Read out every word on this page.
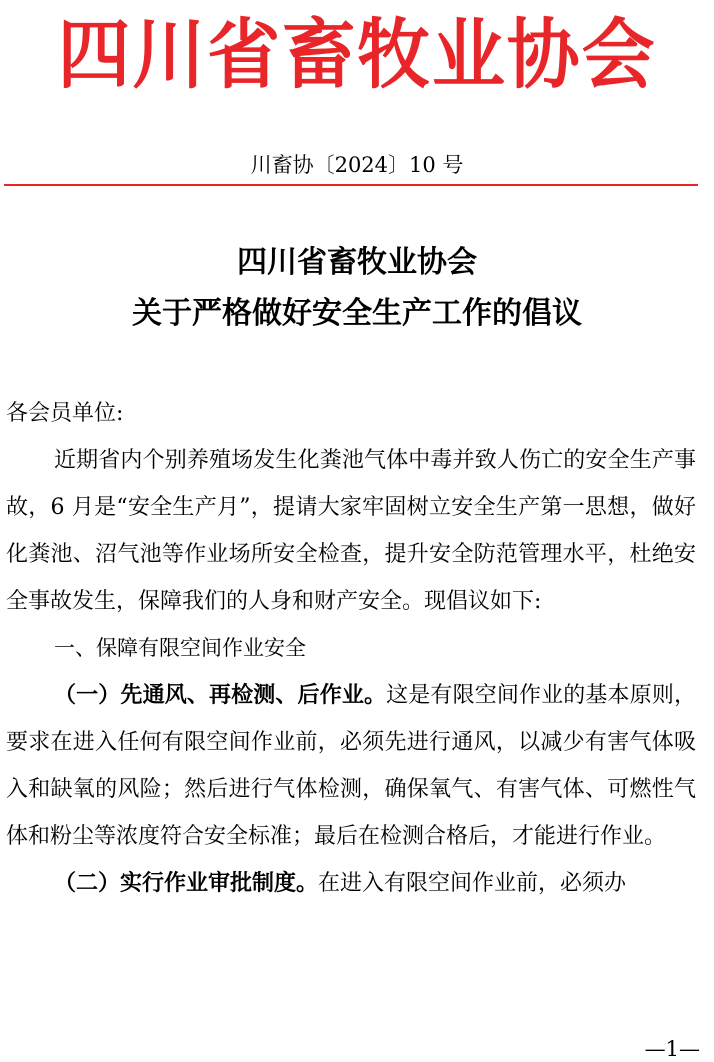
四川省畜牧业协会
川畜协〔2024〕10 号
四川省畜牧业协会
关于严格做好安全生产工作的倡议

各会员单位:

近期省内个别养殖场发生化粪池气体中毒并致人伤亡的安全生产事故，6 月是“安全生产月”，提请大家牢固树立安全生产第一思想，做好化粪池、沼气池等作业场所安全检查，提升安全防范管理水平，杜绝安全事故发生，保障我们的人身和财产安全。现倡议如下:

一、保障有限空间作业安全

（一）先通风、再检测、后作业。这是有限空间作业的基本原则，要求在进入任何有限空间作业前，必须先进行通风，以减少有害气体吸入和缺氧的风险；然后进行气体检测，确保氧气、有害气体、可燃性气体和粉尘等浓度符合安全标准；最后在检测合格后，才能进行作业。

（二）实行作业审批制度。在进入有限空间作业前，必须办

—1—
